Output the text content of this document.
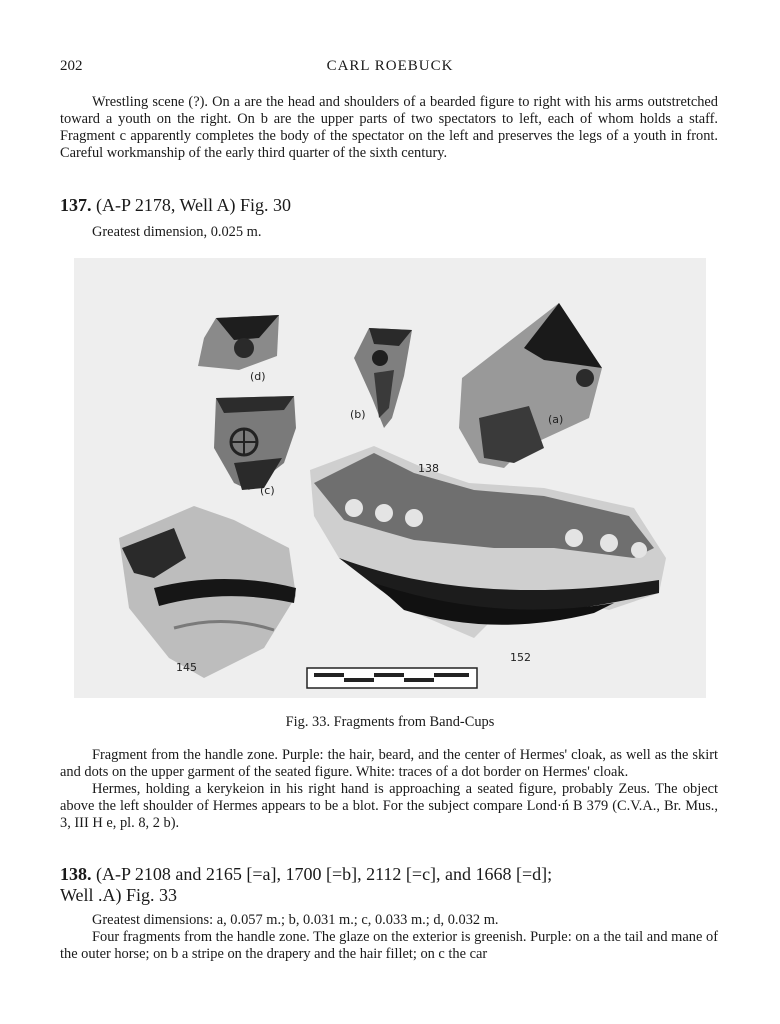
202	CARL ROEBUCK

Wrestling scene (?). On a are the head and shoulders of a bearded figure to right with his arms outstretched toward a youth on the right. On b are the upper parts of two spectators to left, each of whom holds a staff. Fragment c apparently completes the body of the spectator on the left and preserves the legs of a youth in front. Careful workmanship of the early third quarter of the sixth century.

137. (A-P 2178, Well A) Fig. 30

Greatest dimension, 0.025 m.

(d)
(b)	(a)
(c)
138
145
152
Fig. 33. Fragments from Band-Cups

Fragment from the handle zone. Purple: the hair, beard, and the center of Hermes' cloak, as well as the skirt and dots on the upper garment of the seated figure. White: traces of a dot border on Hermes' cloak.

Hermes, holding a kerykeion in his right hand is approaching a seated figure, probably Zeus. The object above the left shoulder of Hermes appears to be a blot. For the subject compare Lond·ń B 379 (C.V.A., Br. Mus., 3, III H e, pl. 8, 2 b).

138. (A-P 2108 and 2165 [=a], 1700 [=b], 2112 [=c], and 1668 [=d];
Well .A) Fig. 33

Greatest dimensions: a, 0.057 m.; b, 0.031 m.; c, 0.033 m.; d, 0.032 m.

Four fragments from the handle zone. The glaze on the exterior is greenish. Purple: on a the tail and mane of the outer horse; on b a stripe on the drapery and the hair fillet; on c the car
